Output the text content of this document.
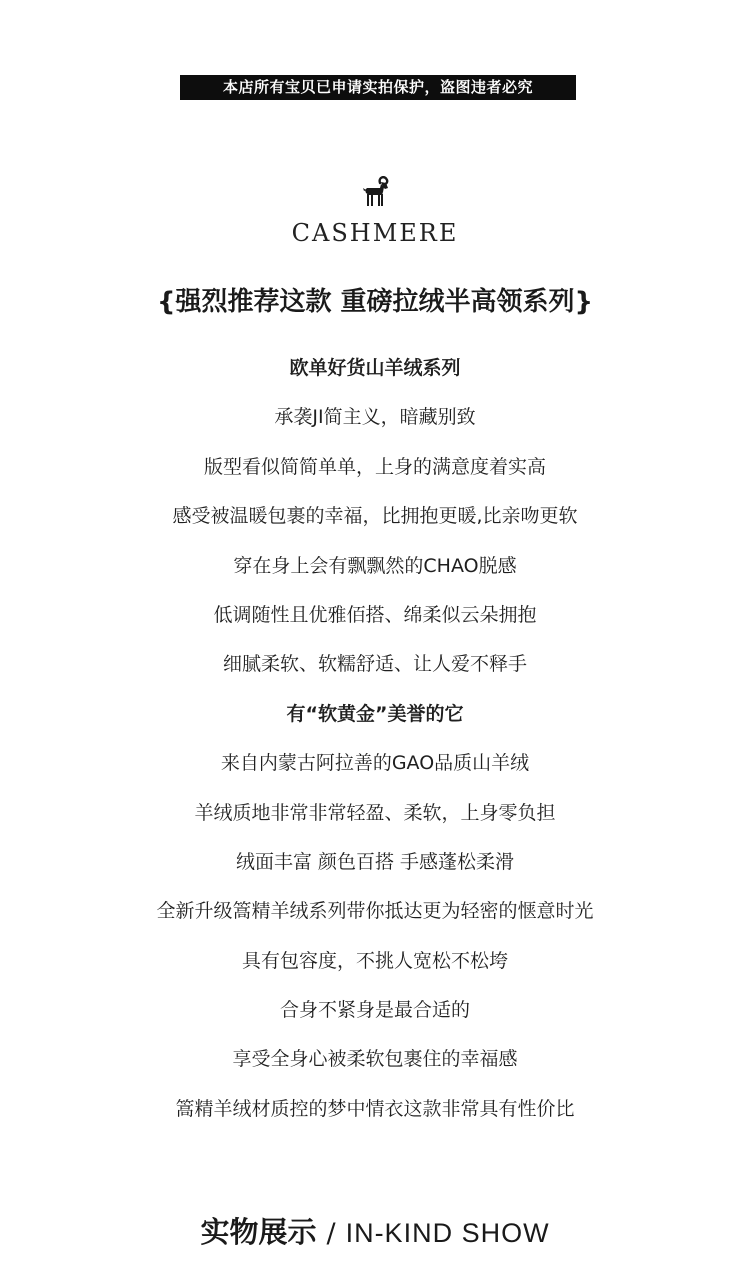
本店所有宝贝已申请实拍保护，盗图违者必究
CASHMERE
{强烈推荐这款 重磅拉绒半高领系列}
欧单好货山羊绒系列
承袭JI简主义，暗藏别致
版型看似简简单单，上身的满意度着实高
感受被温暖包裹的幸福，比拥抱更暖,比亲吻更软
穿在身上会有飘飘然的CHAO脱感
低调随性且优雅佰搭、绵柔似云朵拥抱
细腻柔软、软糯舒适、让人爱不释手
有“软黄金”美誉的它
来自内蒙古阿拉善的GAO品质山羊绒
羊绒质地非常非常轻盈、柔软，上身零负担
绒面丰富 颜色百搭 手感蓬松柔滑
全新升级篙精羊绒系列带你抵达更为轻密的惬意时光
具有包容度，不挑人宽松不松垮
合身不紧身是最合适的
享受全身心被柔软包裹住的幸福感
篙精羊绒材质控的梦中情衣这款非常具有性价比
实物展示 / IN-KIND SHOW
